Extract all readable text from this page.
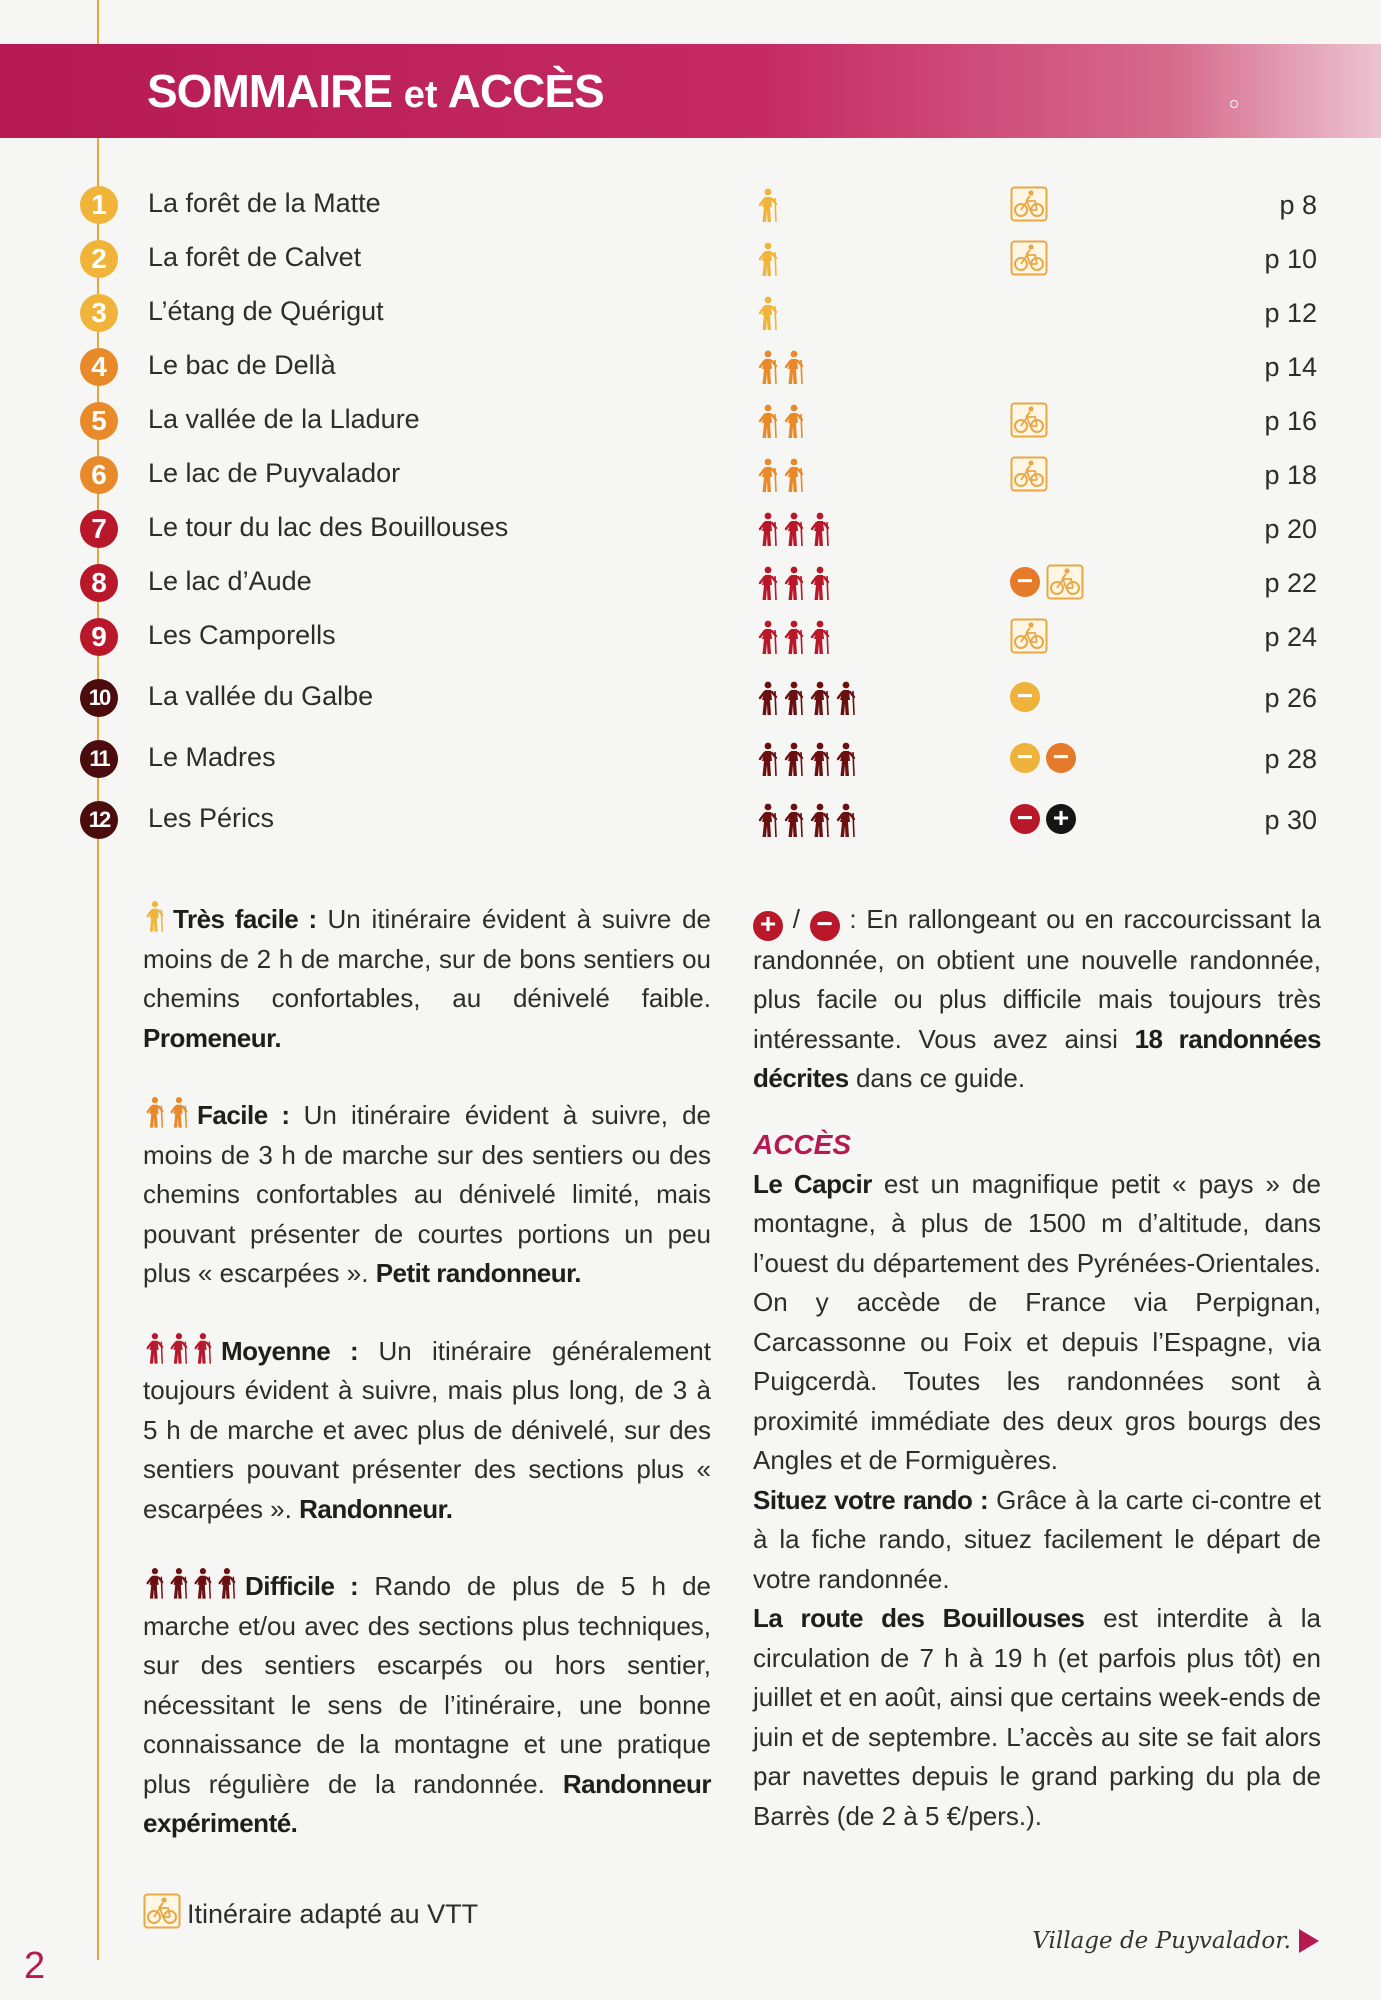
SOMMAIRE et ACCÈS
1	La forêt de la Matte	p 8
2	La forêt de Calvet	p 10
3	L’étang de Quérigut	p 12
4	Le bac de Dellà	p 14
5	La vallée de la Lladure	p 16
6	Le lac de Puyvalador	p 18
7	Le tour du lac des Bouillouses	p 20
8	Le lac d’Aude	−	p 22
9	Les Camporells	p 24
10	La vallée du Galbe	−	p 26
11	Le Madres	− −	p 28
12	Les Pérics	− +	p 30

Très facile : Un itinéraire évident à suivre de moins de 2 h de marche, sur de bons sentiers ou chemins confortables, au dénivelé faible. Promeneur.

Facile : Un itinéraire évident à suivre, de moins de 3 h de marche sur des sentiers ou des chemins confortables au dénivelé limité, mais pouvant présenter de courtes portions un peu plus « escarpées ». Petit randonneur.

Moyenne : Un itinéraire généralement toujours évident à suivre, mais plus long, de 3 à 5 h de marche et avec plus de dénivelé, sur des sentiers pouvant présenter des sections plus « escarpées ». Randonneur.

Difficile : Rando de plus de 5 h de marche et/ou avec des sections plus techniques, sur des sentiers escarpés ou hors sentier, nécessitant le sens de l’itinéraire, une bonne connaissance de la montagne et une pratique plus régulière de la randonnée. Randonneur expérimenté.

Itinéraire adapté au VTT

+ / − : En rallongeant ou en raccourcissant la randonnée, on obtient une nouvelle randonnée, plus facile ou plus difficile mais toujours très intéressante. Vous avez ainsi 18 randonnées décrites dans ce guide.

ACCÈS

Le Capcir est un magnifique petit « pays » de montagne, à plus de 1500 m d’altitude, dans l’ouest du département des Pyrénées-Orientales. On y accède de France via Perpignan, Carcassonne ou Foix et depuis l’Espagne, via Puigcerdà. Toutes les randonnées sont à proximité immédiate des deux gros bourgs des Angles et de Formiguères.

Situez votre rando : Grâce à la carte ci-contre et à la fiche rando, situez facilement le départ de votre randonnée.

La route des Bouillouses est interdite à la circulation de 7 h à 19 h (et parfois plus tôt) en juillet et en août, ainsi que certains week-ends de juin et de septembre. L’accès au site se fait alors par navettes depuis le grand parking du pla de Barrès (de 2 à 5 €/pers.).

Village de Puyvalador.
2
